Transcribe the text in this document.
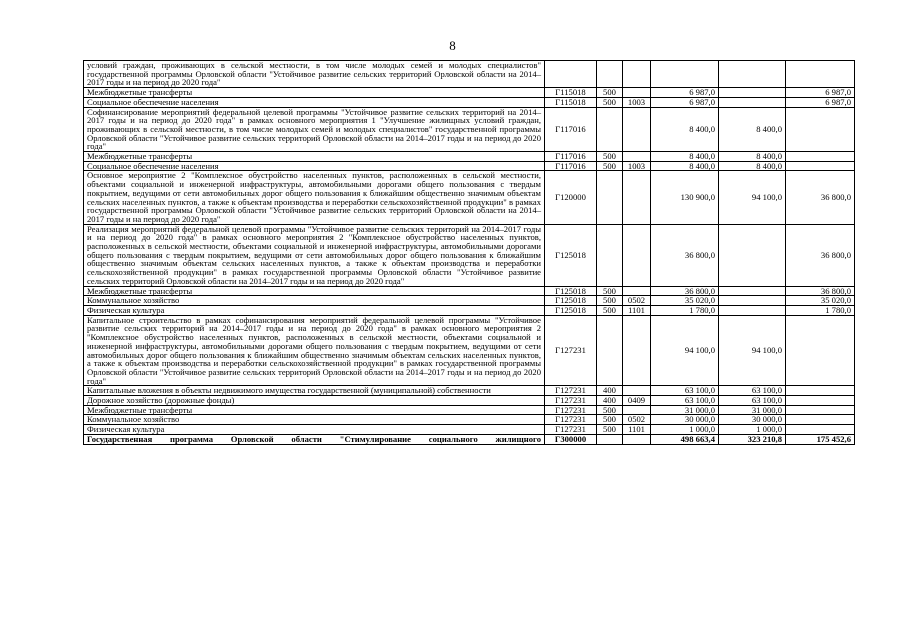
8
условий граждан, проживающих в сельской местности, в том числе молодых семей и молодых специалистов" государственной программы Орловской области "Устойчивое развитие сельских территорий Орловской области на 2014–2017 годы и на период до 2020 года"						
Межбюджетные трансферты	Г115018	500		6 987,0		6 987,0
Социальное обеспечение населения	Г115018	500	1003	6 987,0		6 987,0
Софинансирование мероприятий федеральной целевой программы "Устойчивое развитие сельских территорий на 2014–2017 годы и на период до 2020 года" в рамках основного мероприятия 1 "Улучшение жилищных условий граждан, проживающих в сельской местности, в том числе молодых семей и молодых специалистов" государственной программы Орловской области "Устойчивое развитие сельских территорий Орловской области на 2014–2017 годы и на период до 2020 года"	Г117016			8 400,0	8 400,0	
Межбюджетные трансферты	Г117016	500		8 400,0	8 400,0	
Социальное обеспечение населения	Г117016	500	1003	8 400,0	8 400,0	
Основное мероприятие 2 "Комплексное обустройство населенных пунктов, расположенных в сельской местности, объектами социальной и инженерной инфраструктуры, автомобильными дорогами общего пользования с твердым покрытием, ведущими от сети автомобильных дорог общего пользования к ближайшим общественно значимым объектам сельских населенных пунктов, а также к объектам производства и переработки сельскохозяйственной продукции" в рамках государственной программы Орловской области "Устойчивое развитие сельских территорий Орловской области на 2014–2017 годы и на период до 2020 года"	Г120000			130 900,0	94 100,0	36 800,0
Реализация мероприятий федеральной целевой программы "Устойчивое развитие сельских территорий на 2014–2017 годы и на период до 2020 года" в рамках основного мероприятия 2 "Комплексное обустройство населенных пунктов, расположенных в сельской местности, объектами социальной и инженерной инфраструктуры, автомобильными дорогами общего пользования с твердым покрытием, ведущими от сети автомобильных дорог общего пользования к ближайшим общественно значимым объектам сельских населенных пунктов, а также к объектам производства и переработки сельскохозяйственной продукции" в рамках государственной программы Орловской области "Устойчивое развитие сельских территорий Орловской области на 2014–2017 годы и на период до 2020 года"	Г125018			36 800,0		36 800,0
Межбюджетные трансферты	Г125018	500		36 800,0		36 800,0
Коммунальное хозяйство	Г125018	500	0502	35 020,0		35 020,0
Физическая культура	Г125018	500	1101	1 780,0		1 780,0
Капитальное строительство в рамках софинансирования мероприятий федеральной целевой программы "Устойчивое развитие сельских территорий на 2014–2017 годы и на период до 2020 года" в рамках основного мероприятия 2 "Комплексное обустройство населенных пунктов, расположенных в сельской местности, объектами социальной и инженерной инфраструктуры, автомобильными дорогами общего пользования с твердым покрытием, ведущими от сети автомобильных дорог общего пользования к ближайшим общественно значимым объектам сельских населенных пунктов, а также к объектам производства и переработки сельскохозяйственной продукции" в рамках государственной программы Орловской области "Устойчивое развитие сельских территорий Орловской области на 2014–2017 годы и на период до 2020 года"	Г127231			94 100,0	94 100,0	
Капитальные вложения в объекты недвижимого имущества государственной (муниципальной) собственности	Г127231	400		63 100,0	63 100,0	
Дорожное хозяйство (дорожные фонды)	Г127231	400	0409	63 100,0	63 100,0	
Межбюджетные трансферты	Г127231	500		31 000,0	31 000,0	
Коммунальное хозяйство	Г127231	500	0502	30 000,0	30 000,0	
Физическая культура	Г127231	500	1101	1 000,0	1 000,0	
Государственная программа Орловской области "Стимулирование социального жилищного	Г300000			498 663,4	323 210,8	175 452,6
